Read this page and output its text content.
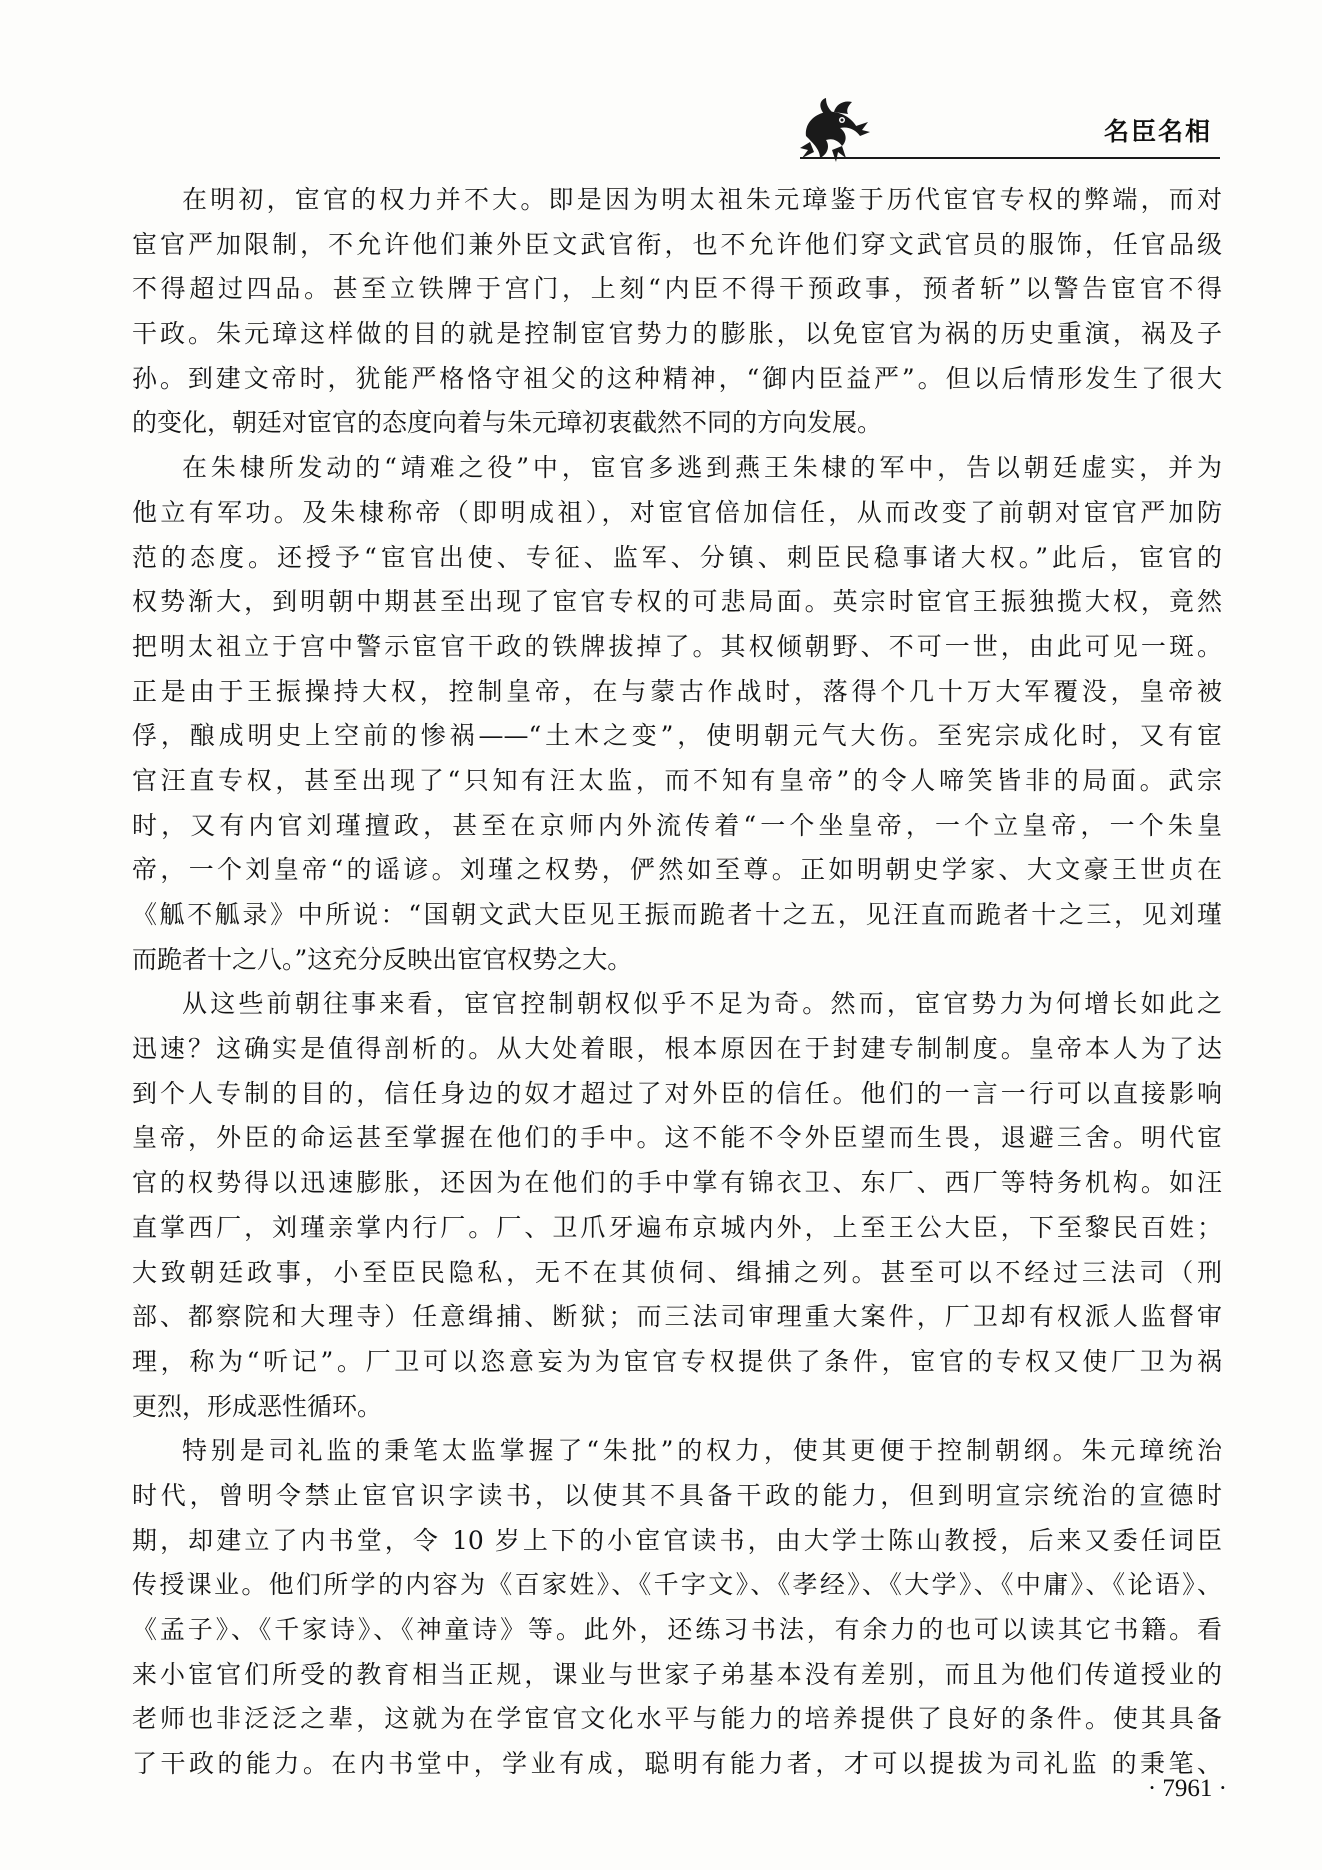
名臣名相
在明初，宦官的权力并不大。即是因为明太祖朱元璋鉴于历代宦官专权的弊端，而对
宦官严加限制，不允许他们兼外臣文武官衔，也不允许他们穿文武官员的服饰，任官品级
不得超过四品。甚至立铁牌于宫门，上刻“内臣不得干预政事，预者斩”以警告宦官不得
干政。朱元璋这样做的目的就是控制宦官势力的膨胀，以免宦官为祸的历史重演，祸及子
孙。到建文帝时，犹能严格恪守祖父的这种精神，“御内臣益严”。但以后情形发生了很大
的变化，朝廷对宦官的态度向着与朱元璋初衷截然不同的方向发展。
在朱棣所发动的“靖难之役”中，宦官多逃到燕王朱棣的军中，告以朝廷虚实，并为
他立有军功。及朱棣称帝（即明成祖），对宦官倍加信任，从而改变了前朝对宦官严加防
范的态度。还授予“宦官出使、专征、监军、分镇、刺臣民稳事诸大权。”此后，宦官的
权势渐大，到明朝中期甚至出现了宦官专权的可悲局面。英宗时宦官王振独揽大权，竟然
把明太祖立于宫中警示宦官干政的铁牌拔掉了。其权倾朝野、不可一世，由此可见一斑。
正是由于王振操持大权，控制皇帝，在与蒙古作战时，落得个几十万大军覆没，皇帝被
俘，酿成明史上空前的惨祸——“土木之变”，使明朝元气大伤。至宪宗成化时，又有宦
官汪直专权，甚至出现了“只知有汪太监，而不知有皇帝”的令人啼笑皆非的局面。武宗
时，又有内官刘瑾擅政，甚至在京师内外流传着“一个坐皇帝，一个立皇帝，一个朱皇
帝，一个刘皇帝“的谣谚。刘瑾之权势，俨然如至尊。正如明朝史学家、大文豪王世贞在
《觚不觚录》中所说：“国朝文武大臣见王振而跪者十之五，见汪直而跪者十之三，见刘瑾
而跪者十之八。”这充分反映出宦官权势之大。
从这些前朝往事来看，宦官控制朝权似乎不足为奇。然而，宦官势力为何增长如此之
迅速？这确实是值得剖析的。从大处着眼，根本原因在于封建专制制度。皇帝本人为了达
到个人专制的目的，信任身边的奴才超过了对外臣的信任。他们的一言一行可以直接影响
皇帝，外臣的命运甚至掌握在他们的手中。这不能不令外臣望而生畏，退避三舍。明代宦
官的权势得以迅速膨胀，还因为在他们的手中掌有锦衣卫、东厂、西厂等特务机构。如汪
直掌西厂，刘瑾亲掌内行厂。厂、卫爪牙遍布京城内外，上至王公大臣，下至黎民百姓；
大致朝廷政事，小至臣民隐私，无不在其侦伺、缉捕之列。甚至可以不经过三法司（刑
部、都察院和大理寺）任意缉捕、断狱；而三法司审理重大案件，厂卫却有权派人监督审
理，称为“听记”。厂卫可以恣意妄为为宦官专权提供了条件，宦官的专权又使厂卫为祸
更烈，形成恶性循环。
特别是司礼监的秉笔太监掌握了“朱批”的权力，使其更便于控制朝纲。朱元璋统治
时代，曾明令禁止宦官识字读书，以使其不具备干政的能力，但到明宣宗统治的宣德时
期，却建立了内书堂，令 10 岁上下的小宦官读书，由大学士陈山教授，后来又委任词臣
传授课业。他们所学的内容为《百家姓》、《千字文》、《孝经》、《大学》、《中庸》、《论语》、
《孟子》、《千家诗》、《神童诗》等。此外，还练习书法，有余力的也可以读其它书籍。看
来小宦官们所受的教育相当正规，课业与世家子弟基本没有差别，而且为他们传道授业的
老师也非泛泛之辈，这就为在学宦官文化水平与能力的培养提供了良好的条件。使其具备
了干政的能力。在内书堂中，学业有成，聪明有能力者，才可以提拔为司礼监 的秉笔、
· 7961 ·
